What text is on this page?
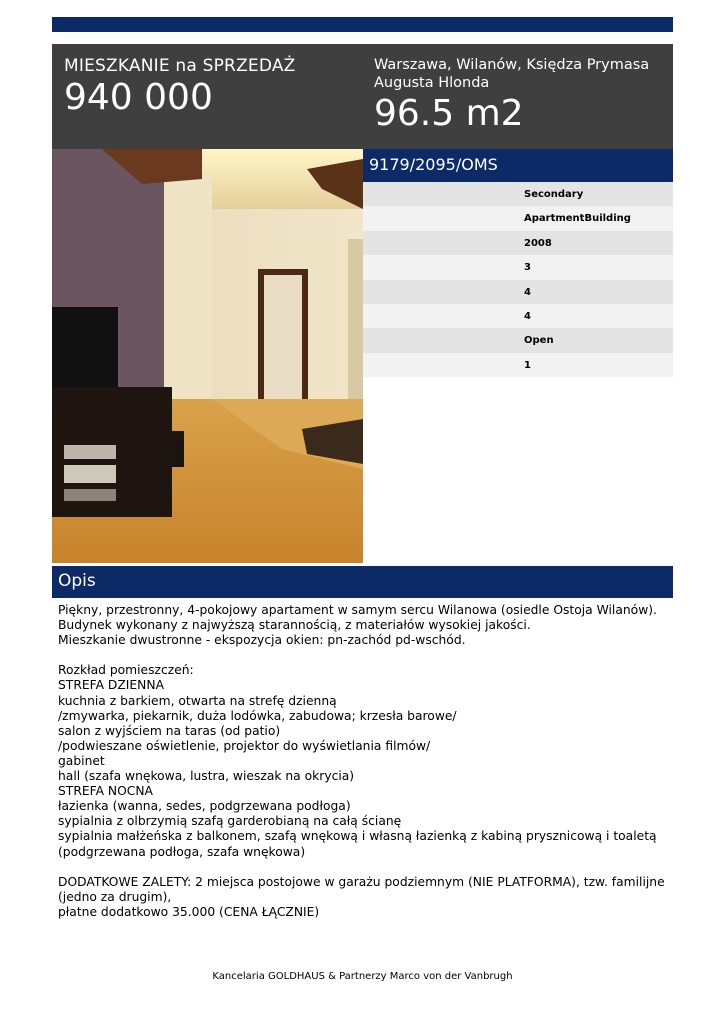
MIESZKANIE na SPRZEDAŻ
940 000
Warszawa, Wilanów, Księdza Prymasa Augusta Hlonda
96.5 m2
9179/2095/OMS
Secondary
ApartmentBuilding
2008
3
4
4
Open
1
Opis
Piękny, przestronny, 4-pokojowy apartament w samym sercu Wilanowa (osiedle Ostoja Wilanów).
Budynek wykonany z najwyższą starannością, z materiałów wysokiej jakości.
Mieszkanie dwustronne - ekspozycja okien: pn-zachód pd-wschód.
Rozkład pomieszczeń:
STREFA DZIENNA
kuchnia z barkiem, otwarta na strefę dzienną
/zmywarka, piekarnik, duża lodówka, zabudowa; krzesła barowe/
salon z wyjściem na taras (od patio)
/podwieszane oświetlenie, projektor do wyświetlania filmów/
gabinet
hall (szafa wnękowa, lustra, wieszak na okrycia)
STREFA NOCNA
łazienka (wanna, sedes, podgrzewana podłoga)
sypialnia z olbrzymią szafą garderobianą na całą ścianę
sypialnia małżeńska z balkonem, szafą wnękową i własną łazienką z kabiną prysznicową i toaletą
(podgrzewana podłoga, szafa wnękowa)
DODATKOWE ZALETY: 2 miejsca postojowe w garażu podziemnym (NIE PLATFORMA), tzw. familijne
(jedno za drugim),
płatne dodatkowo 35.000 (CENA ŁĄCZNIE)
Kancelaria GOLDHAUS & Partnerzy Marco von der Vanbrugh
